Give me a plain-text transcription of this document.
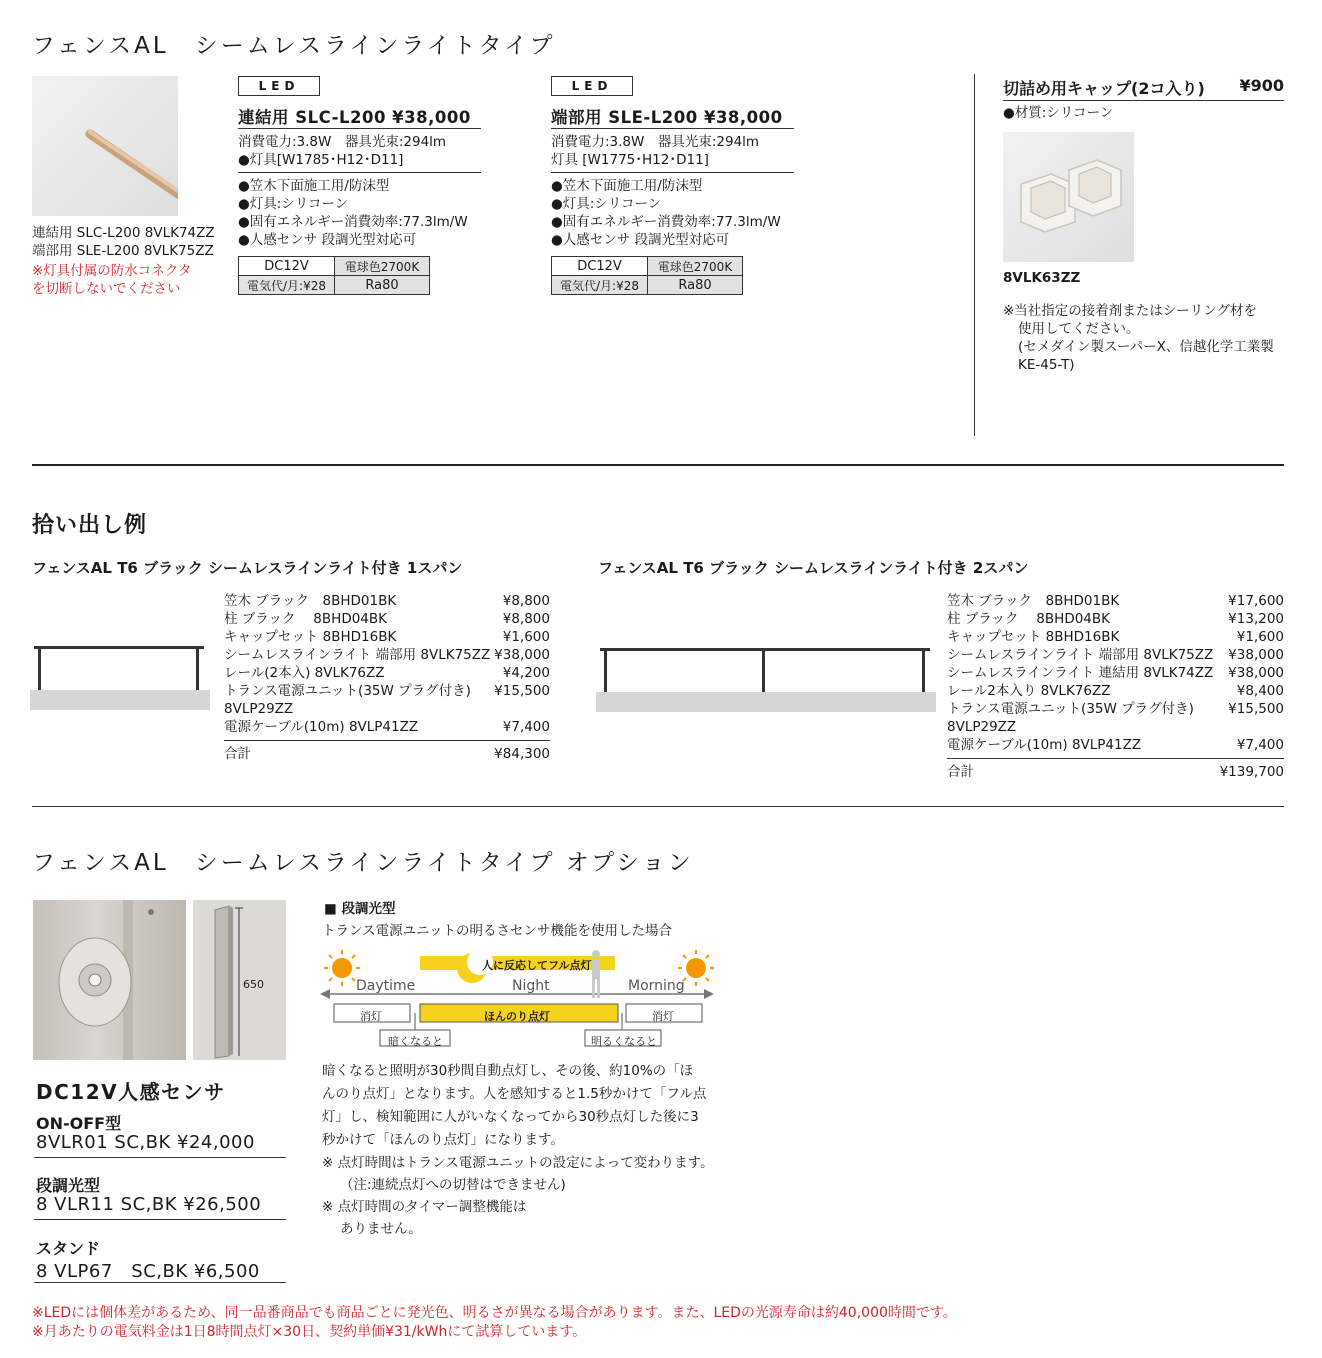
フェンスAL　シームレスラインライトタイプ
連結用 SLC-L200 8VLK74ZZ
端部用 SLE-L200 8VLK75ZZ
※灯具付属の防水コネクタ
を切断しないでください
LED
連結用 SLC-L200 ¥38,000
消費電力:3.8W　器具光束:294lm
●灯具[W1785･H12･D11]
●笠木下面施工用/防沫型
●灯具:シリコーン
●固有エネルギー消費効率:77.3lm/W
●人感センサ 段調光型対応可
DC12V	電球色2700K
電気代/月:¥28	Ra80
LED
端部用 SLE-L200 ¥38,000
消費電力:3.8W　器具光束:294lm
灯具 [W1775･H12･D11]
●笠木下面施工用/防沫型
●灯具:シリコーン
●固有エネルギー消費効率:77.3lm/W
●人感センサ 段調光型対応可
DC12V	電球色2700K
電気代/月:¥28	Ra80
切詰め用キャップ(2コ入り) ¥900
●材質:シリコーン
8VLK63ZZ
※当社指定の接着剤またはシーリング材を
使用してください。
(セメダイン製スーパーX、信越化学工業製
KE-45-T)
拾い出し例
フェンスAL T6 ブラック シームレスラインライト付き 1スパン	フェンスAL T6 ブラック シームレスラインライト付き 2スパン
笠木 ブラック　8BHD01BK	¥8,800
柱 ブラック　 8BHD04BK	¥8,800
キャップセット 8BHD16BK	¥1,600
シームレスラインライト 端部用 8VLK75ZZ ¥38,000
レール(2本入) 8VLK76ZZ	¥4,200
トランス電源ユニット(35W プラグ付き) ¥15,500
8VLP29ZZ
電源ケーブル(10m) 8VLP41ZZ	¥7,400
合計	¥84,300
笠木 ブラック　8BHD01BK	¥17,600
柱 ブラック　 8BHD04BK	¥13,200
キャップセット 8BHD16BK	¥1,600
シームレスラインライト 端部用 8VLK75ZZ ¥38,000
シームレスラインライト 連結用 8VLK74ZZ ¥38,000
レール2本入り 8VLK76ZZ	¥8,400
トランス電源ユニット(35W プラグ付き)	¥15,500
8VLP29ZZ
電源ケーブル(10m) 8VLP41ZZ	¥7,400
合計	¥139,700
フェンスAL　シームレスラインライトタイプ オプション
650
DC12V人感センサ
ON-OFF型
8VLR01 SC,BK ¥24,000
段調光型
8 VLR11 SC,BK ¥26,500
スタンド
8 VLP67　SC,BK ¥6,500
■ 段調光型
トランス電源ユニットの明るさセンサ機能を使用した場合
人に反応してフル点灯
Daytime	Night	Morning
消灯	ほんのり点灯	消灯
暗くなると	明るくなると
暗くなると照明が30秒間自動点灯し、その後、約10%の「ほ
んのり点灯」となります。人を感知すると1.5秒かけて「フル点
灯」し、検知範囲に人がいなくなってから30秒点灯した後に3
秒かけて「ほんのり点灯」になります。
※ 点灯時間はトランス電源ユニットの設定によって変わります。
（注:連続点灯への切替はできません)
※ 点灯時間のタイマー調整機能は
ありません。
※LEDには個体差があるため、同一品番商品でも商品ごとに発光色、明るさが異なる場合があります。また、LEDの光源寿命は約40,000時間です。
※月あたりの電気料金は1日8時間点灯×30日、契約単価¥31/kWhにて試算しています。
